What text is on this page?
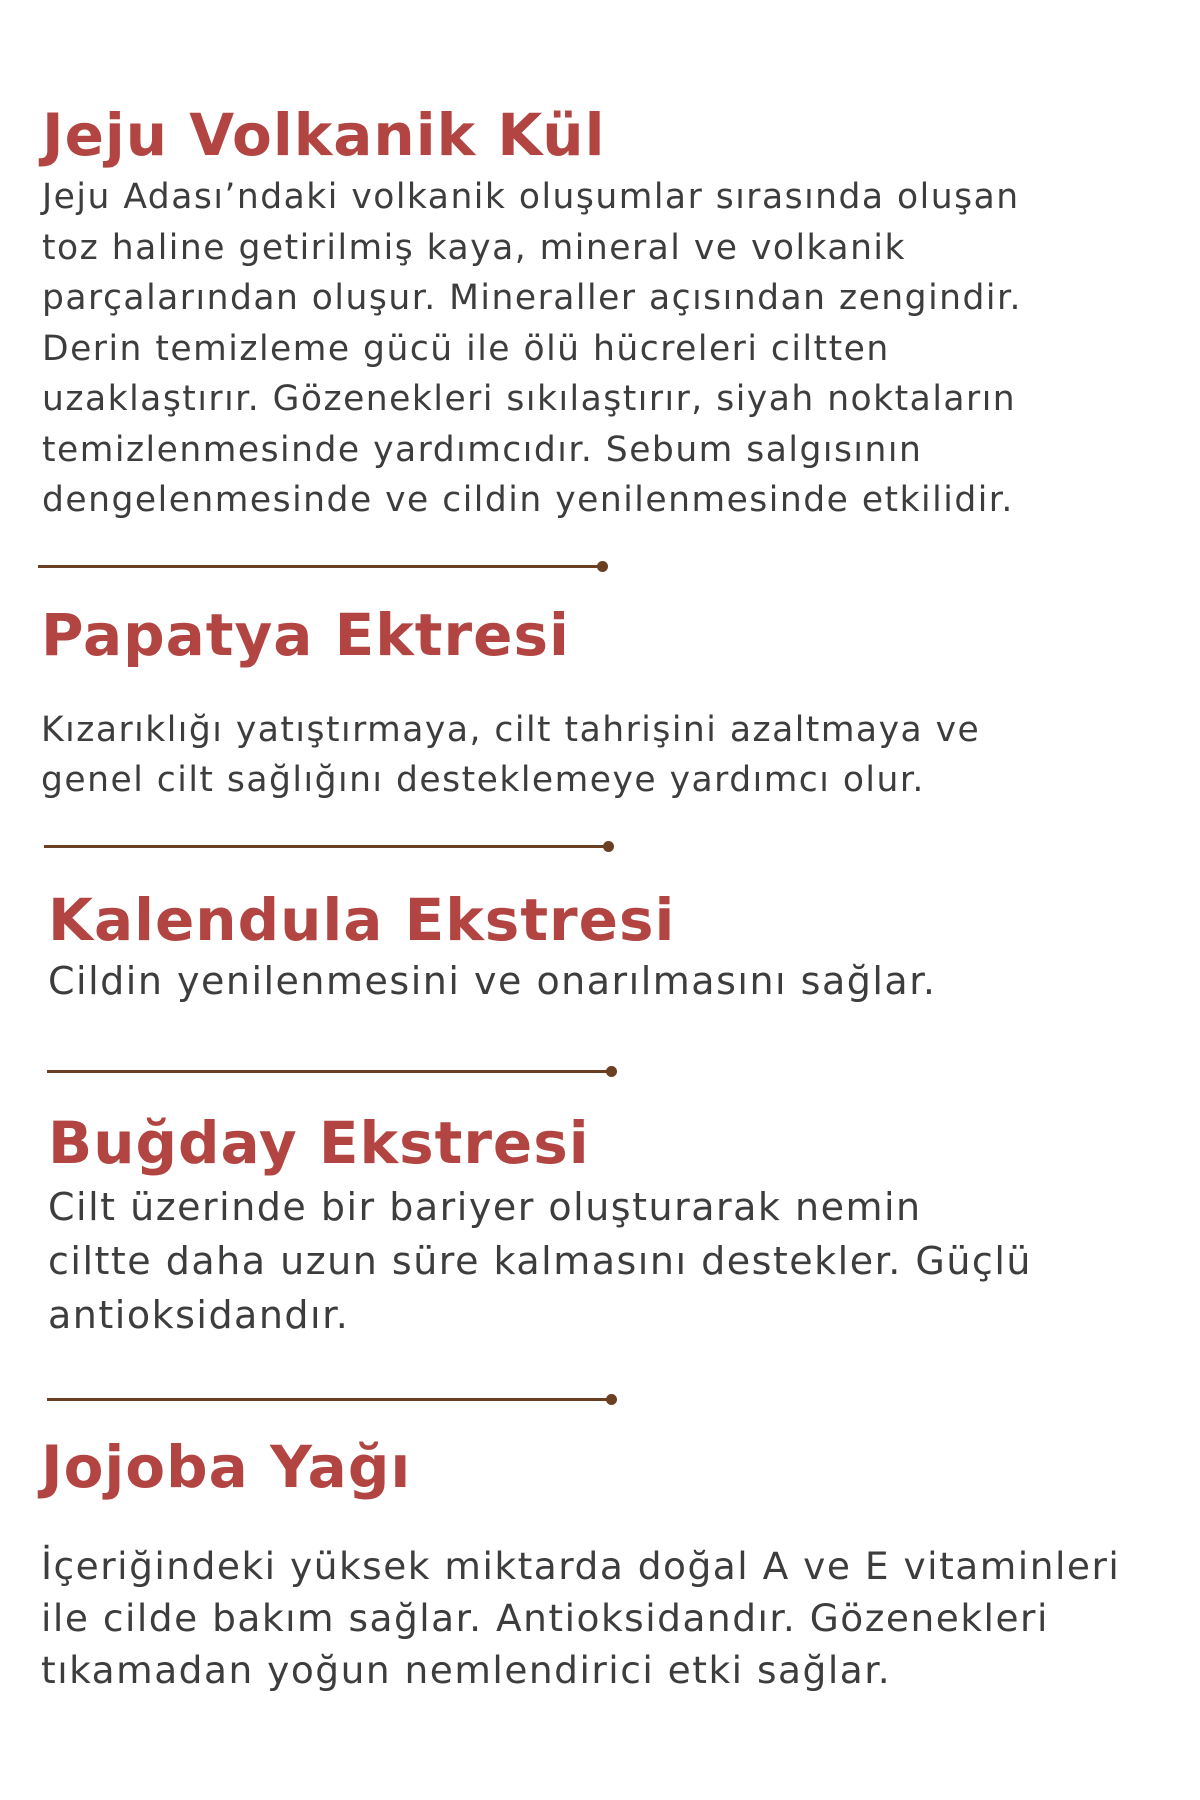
Jeju Volkanik Kül

Jeju Adası’ndaki volkanik oluşumlar sırasında oluşan
toz haline getirilmiş kaya, mineral ve volkanik
parçalarından oluşur. Mineraller açısından zengindir.
Derin temizleme gücü ile ölü hücreleri ciltten
uzaklaştırır. Gözenekleri sıkılaştırır, siyah noktaların
temizlenmesinde yardımcıdır. Sebum salgısının
dengelenmesinde ve cildin yenilenmesinde etkilidir.

Papatya Ektresi

Kızarıklığı yatıştırmaya, cilt tahrişini azaltmaya ve
genel cilt sağlığını desteklemeye yardımcı olur.

Kalendula Ekstresi

Cildin yenilenmesini ve onarılmasını sağlar.

Buğday Ekstresi

Cilt üzerinde bir bariyer oluşturarak nemin
ciltte daha uzun süre kalmasını destekler. Güçlü
antioksidandır.

Jojoba Yağı

İçeriğindeki yüksek miktarda doğal A ve E vitaminleri
ile cilde bakım sağlar. Antioksidandır. Gözenekleri
tıkamadan yoğun nemlendirici etki sağlar.
